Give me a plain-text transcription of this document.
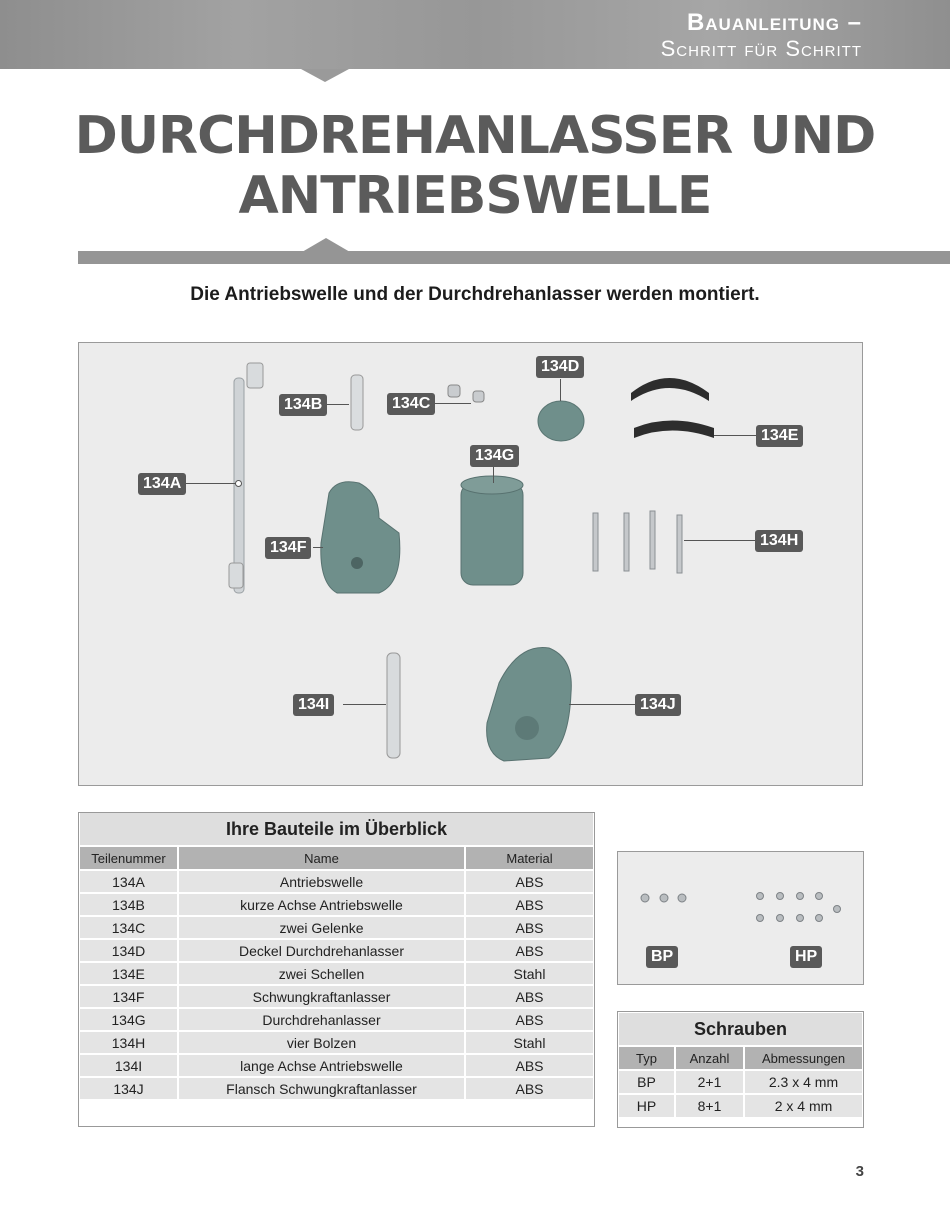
Bauanleitung –
Schritt für Schritt
DURCHDREHANLASSER UND
ANTRIEBSWELLE
Die Antriebswelle und der Durchdrehanlasser werden montiert.
134A
134B	134C
134D
134E
134F
134G
134H
134I	134J
Ihre Bauteile im Überblick		
Teilenummer	Name	Material
134A	Antriebswelle	ABS
134B	kurze Achse Antriebswelle	ABS
134C	zwei Gelenke	ABS
134D	Deckel Durchdrehanlasser	ABS
134E	zwei Schellen	Stahl
134F	Schwungkraftanlasser	ABS
134G	Durchdrehanlasser	ABS
134H	vier Bolzen	Stahl
134I	lange Achse Antriebswelle	ABS
134J	Flansch Schwungkraftanlasser	ABS
BP	HP
Schrauben		
Typ	Anzahl	Abmessungen
BP	2+1	2.3 x 4 mm
HP	8+1	2 x 4 mm
3
